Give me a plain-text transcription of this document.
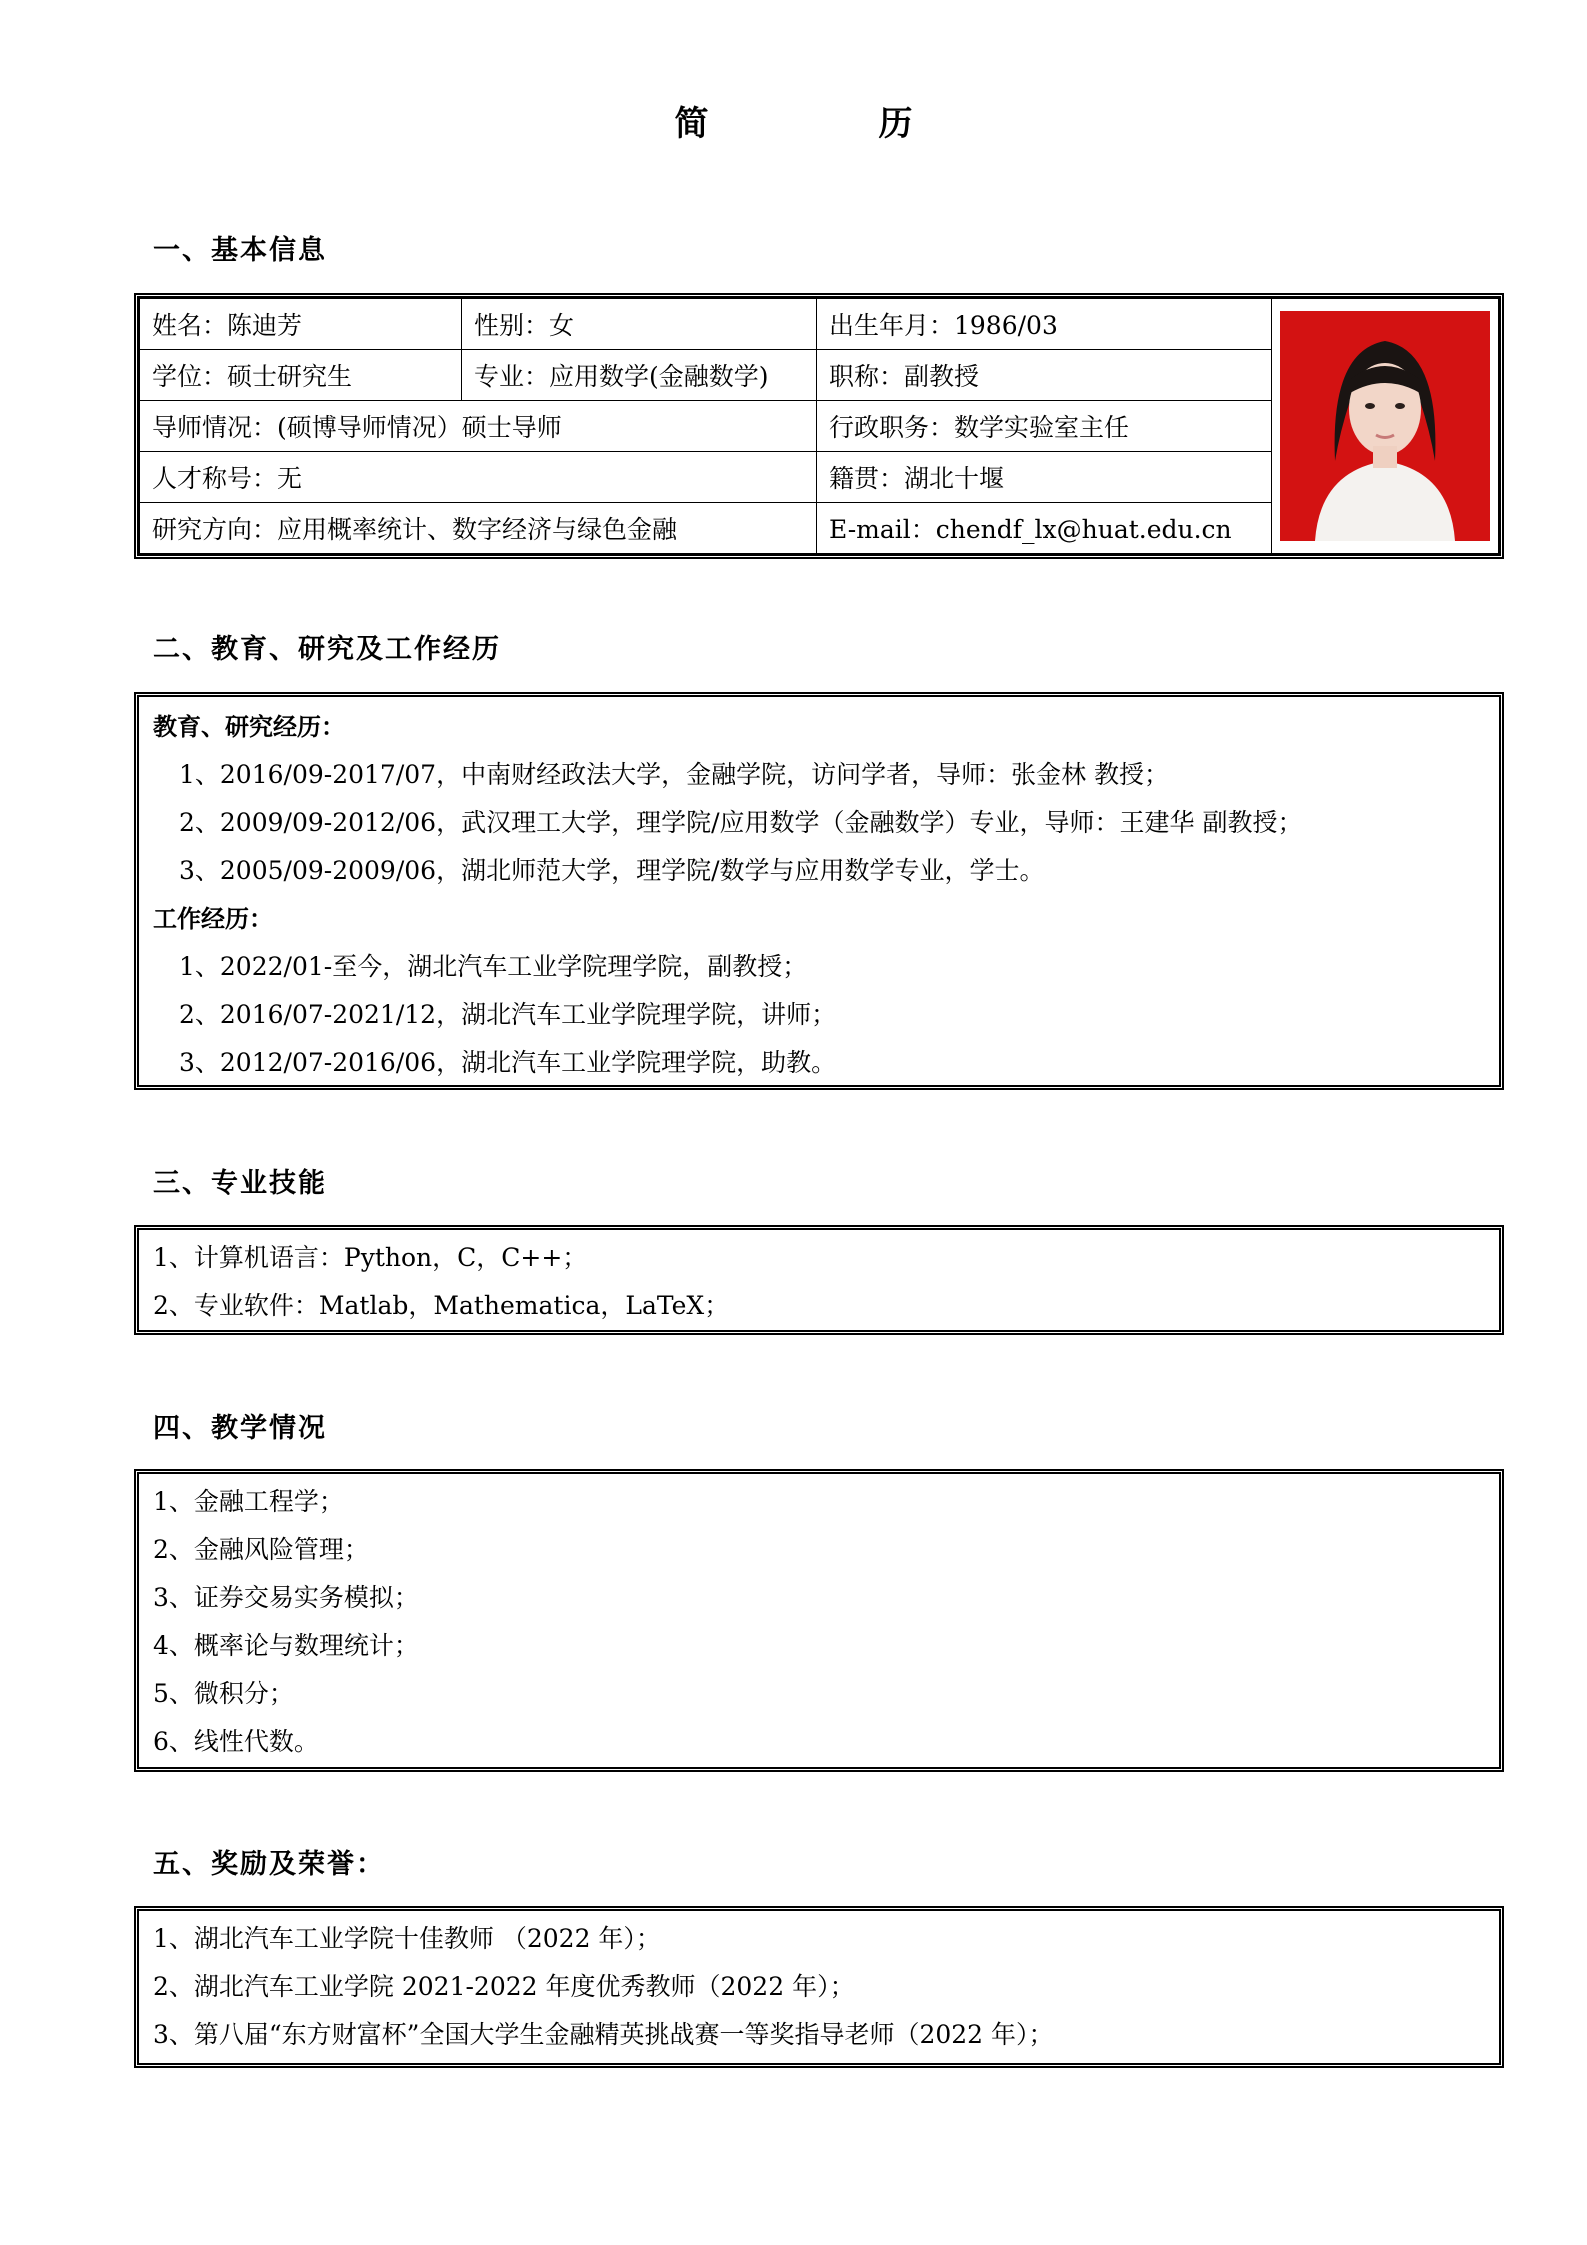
简	历
一、基本信息
姓名：陈迪芳	性别：女	出生年月：1986/03	

学位：硕士研究生	专业：应用数学(金融数学)	职称：副教授	
导师情况：(硕博导师情况）硕士导师		行政职务：数学实验室主任	
人才称号：无		籍贯：湖北十堰	
研究方向：应用概率统计、数字经济与绿色金融		E-mail：chendf_lx@huat.edu.cn	
二、教育、研究及工作经历
教育、研究经历：
1、2016/09-2017/07，中南财经政法大学，金融学院，访问学者，导师：张金林 教授；
2、2009/09-2012/06，武汉理工大学，理学院/应用数学（金融数学）专业，导师：王建华 副教授；
3、2005/09-2009/06，湖北师范大学，理学院/数学与应用数学专业，学士。
工作经历：
1、2022/01-至今，湖北汽车工业学院理学院，副教授；
2、2016/07-2021/12，湖北汽车工业学院理学院，讲师；
3、2012/07-2016/06，湖北汽车工业学院理学院，助教。
三、专业技能
1、计算机语言：Python，C，C++；
2、专业软件：Matlab，Mathematica，LaTeX；
四、教学情况
1、金融工程学；
2、金融风险管理；
3、证券交易实务模拟；
4、概率论与数理统计；
5、微积分；
6、线性代数。
五、奖励及荣誉：
1、湖北汽车工业学院十佳教师 （2022 年）；
2、湖北汽车工业学院 2021-2022 年度优秀教师（2022 年）；
3、第八届“东方财富杯”全国大学生金融精英挑战赛一等奖指导老师（2022 年）；
